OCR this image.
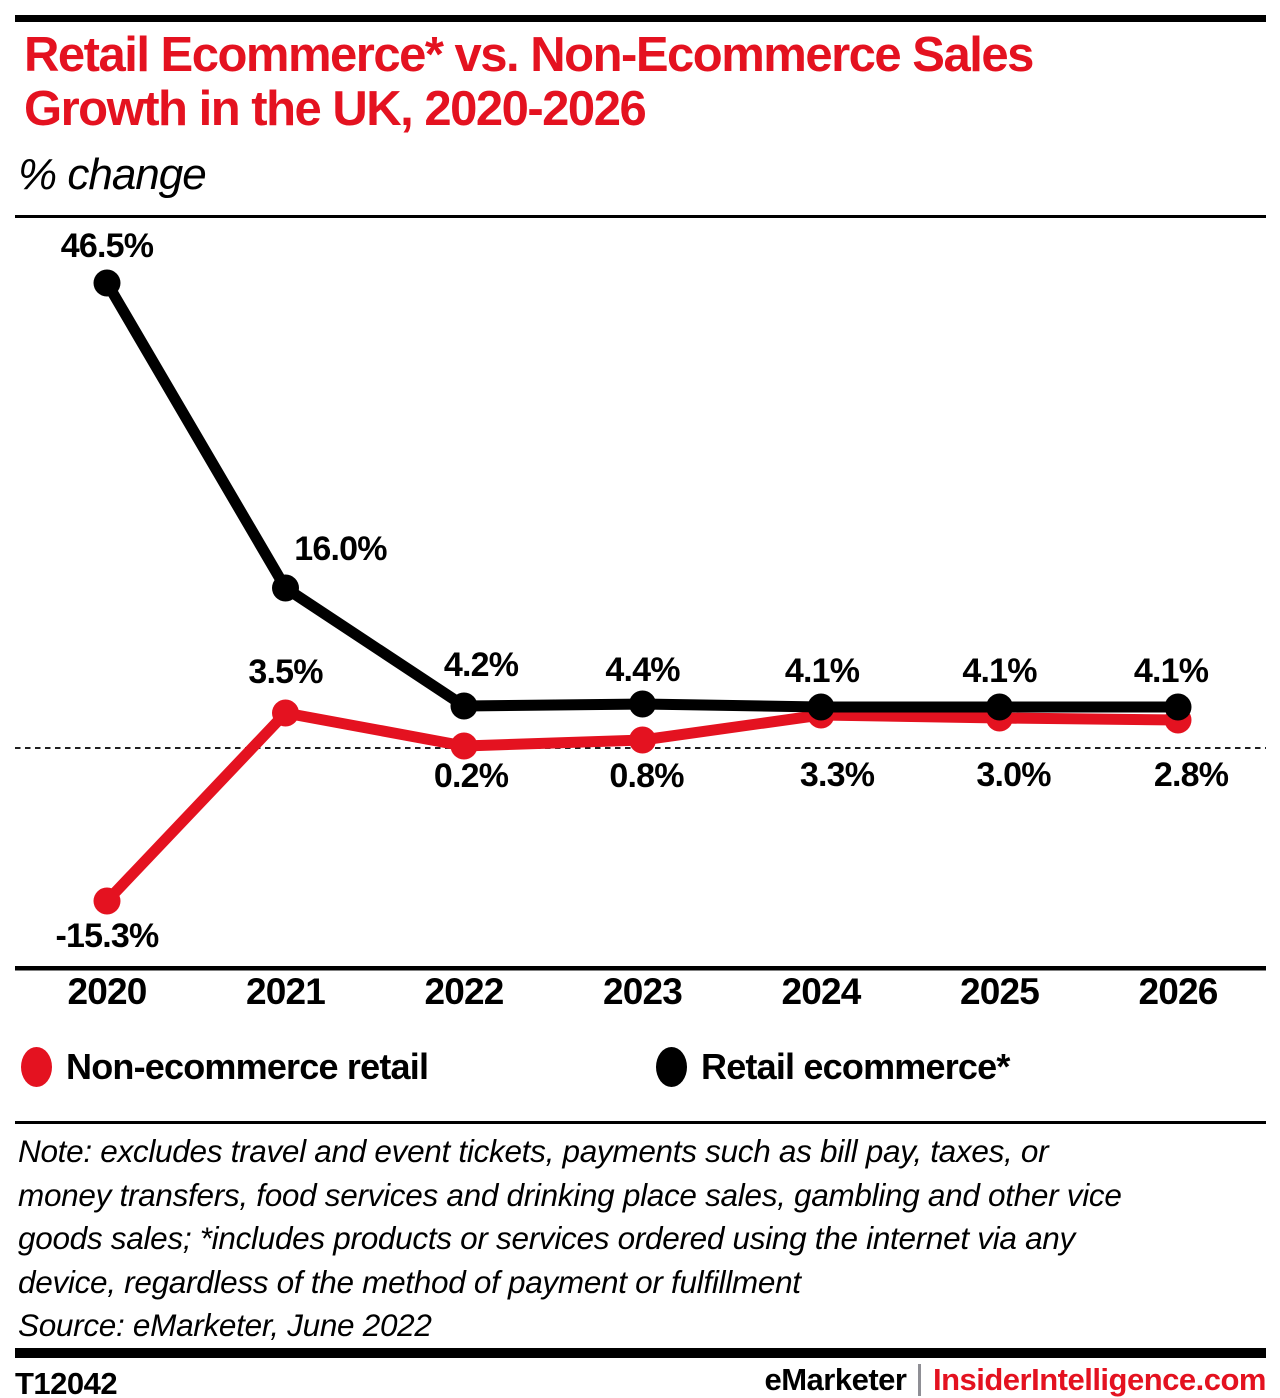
Retail Ecommerce* vs. Non-Ecommerce Sales
Growth in the UK, 2020-2026
% change
46.5%
16.0%
4.2%	4.4%	4.1%	4.1%	4.1%
-15.3%
3.5%
0.2%	0.8%	3.3%	3.0%	2.8%
2020	2021	2022	2023	2024	2025	2026
Non-ecommerce retail	Retail ecommerce*
Note: excludes travel and event tickets, payments such as bill pay, taxes, or
money transfers, food services and drinking place sales, gambling and other vice
goods sales; *includes products or services ordered using the internet via any
device, regardless of the method of payment or fulfillment
Source: eMarketer, June 2022
T12042	eMarketer InsiderIntelligence.com
